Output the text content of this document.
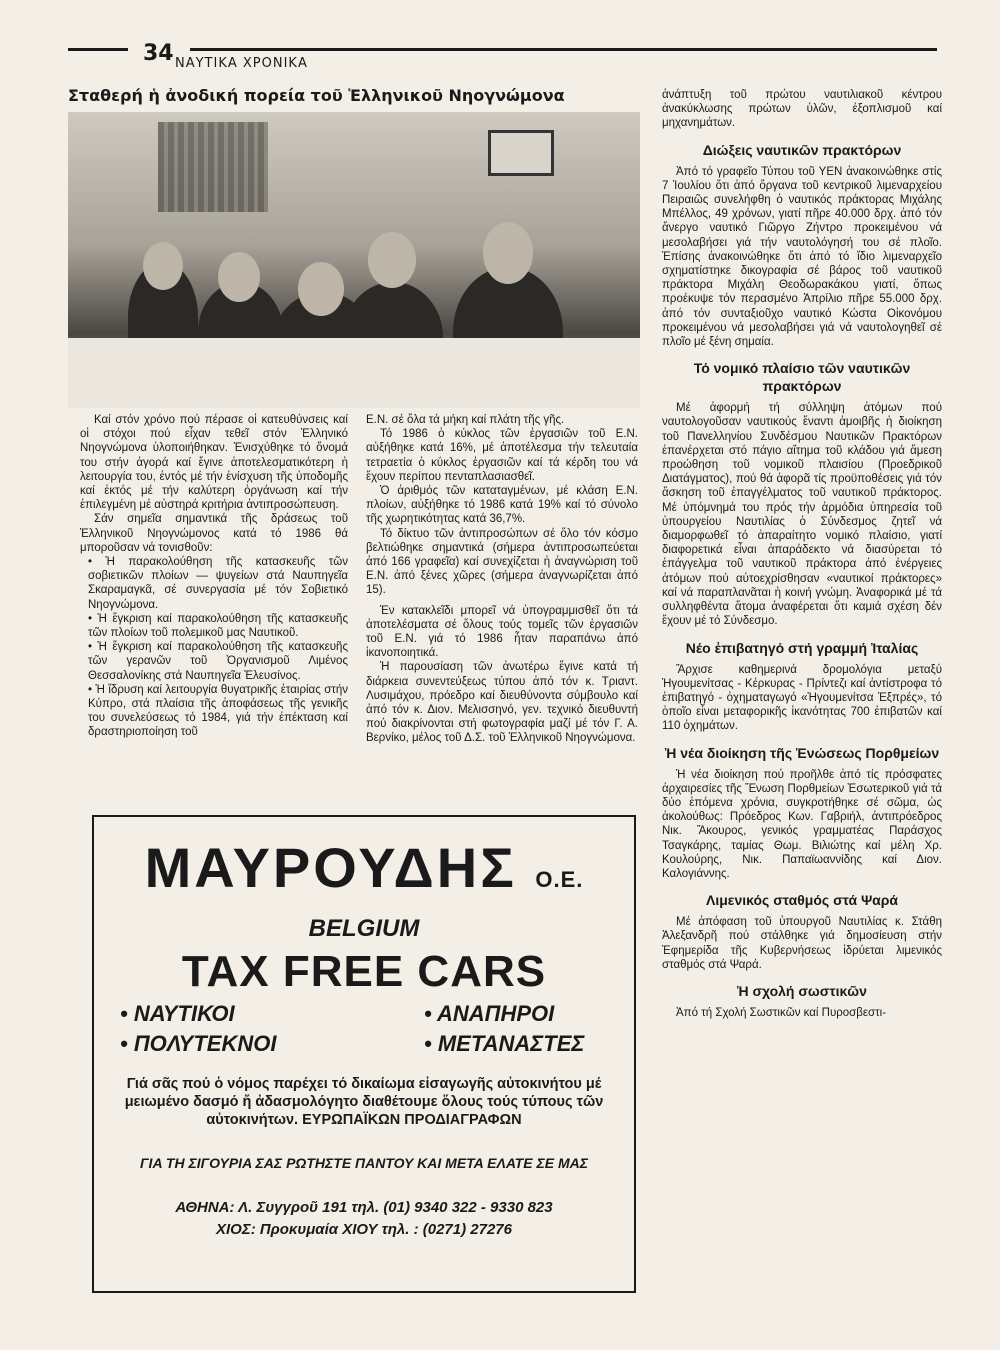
34 ΝΑΥΤΙΚΑ ΧΡΟΝΙΚΑ
Σταθερή ἡ ἀνοδική πορεία τοῦ Ἑλληνικοῦ Νηογνώμονα

Καί στόν χρόνο πού πέρασε οἱ κατευθύνσεις καί οἱ στόχοι πού εἶχαν τεθεῖ στόν Ἑλληνικό Νηογνώμονα ὑλοποιήθηκαν. Ἐνισχύθηκε τό ὄνομά του στήν ἀγορά καί ἔγινε ἀποτελεσματικότερη ἡ λειτουργία του, ἐντός μέ τήν ἐνίσχυση τῆς ὑποδομῆς καί ἐκτός μέ τήν καλύτερη ὀργάνωση καί τήν ἐπιλεγμένη μέ αὐστηρά κριτήρια ἀντιπροσώπευση.

Σάν σημεῖα σημαντικά τῆς δράσεως τοῦ Ἑλληνικοῦ Νηογνώμονος κατά τό 1986 θά μποροῦσαν νά τονισθοῦν:

• Ἡ παρακολούθηση τῆς κατασκευῆς τῶν σοβιετικῶν πλοίων — ψυγείων στά Ναυπηγεῖα Σκαραμαγκᾶ, σέ συνεργασία μέ τόν Σοβιετικό Νηογνώμονα.

• Ἡ ἔγκριση καί παρακολούθηση τῆς κατασκευῆς τῶν πλοίων τοῦ πολεμικοῦ μας Ναυτικοῦ.

• Ἡ ἔγκριση καί παρακολούθηση τῆς κατασκευῆς τῶν γερανῶν τοῦ Ὀργανισμοῦ Λιμένος Θεσσαλονίκης στά Ναυπηγεῖα Ἐλευσίνος.

• Ἡ ἵδρυση καί λειτουργία θυγατρικῆς ἑταιρίας στήν Κύπρο, στά πλαίσια τῆς ἀποφάσεως τῆς γενικῆς του συνελεύσεως τό 1984, γιά τήν ἐπέκταση καί δραστηριοποίηση τοῦ

Ε.Ν. σέ ὅλα τά μήκη καί πλάτη τῆς γῆς.

Τό 1986 ὁ κύκλος τῶν ἐργασιῶν τοῦ Ε.Ν. αὐξήθηκε κατά 16%, μέ ἀποτέλεσμα τήν τελευταία τετραετία ὁ κύκλος ἐργασιῶν καί τά κέρδη του νά ἔχουν περίπου πενταπλασιασθεῖ.

Ὁ ἀριθμός τῶν καταταγμένων, μέ κλάση Ε.Ν. πλοίων, αὐξήθηκε τό 1986 κατά 19% καί τό σύνολο τῆς χωρητικότητας κατά 36,7%.

Τό δίκτυο τῶν ἀντιπροσώπων σέ ὅλο τόν κόσμο βελτιώθηκε σημαντικά (σήμερα ἀντιπροσωπεύεται ἀπό 166 γραφεῖα) καί συνεχίζεται ἡ ἀναγνώριση τοῦ Ε.Ν. ἀπό ξένες χῶρες (σήμερα ἀναγνωρίζεται ἀπό 15).

Ἐν κατακλεῖδι μπορεῖ νά ὑπογραμμισθεῖ ὅτι τά ἀποτελέσματα σέ ὅλους τούς τομεῖς τῶν ἐργασιῶν τοῦ Ε.Ν. γιά τό 1986 ἦταν παραπάνω ἀπό ἱκανοποιητικά.

Ἡ παρουσίαση τῶν ἀνωτέρω ἔγινε κατά τή διάρκεια συνεντεύξεως τύπου ἀπό τόν κ. Τριαντ. Λυσιμάχου, πρόεδρο καί διευθύνοντα σύμβουλο καί ἀπό τόν κ. Διον. Μελισσηνό, γεν. τεχνικό διευθυντή πού διακρίνονται στή φωτογραφία μαζί μέ τόν Γ. Α. Βερνίκο, μέλος τοῦ Δ.Σ. τοῦ Ἑλληνικοῦ Νηογνώμονα.

ἀνάπτυξη τοῦ πρώτου ναυτιλιακοῦ κέντρου ἀνακύκλωσης πρώτων ὑλῶν, ἐξοπλισμοῦ καί μηχανημάτων.

Διώξεις ναυτικῶν πρακτόρων

Ἀπό τό γραφεῖο Τύπου τοῦ ΥΕΝ ἀνακοινώθηκε στίς 7 Ἰουλίου ὅτι ἀπό ὄργανα τοῦ κεντρικοῦ λιμεναρχείου Πειραιῶς συνελήφθη ὁ ναυτικός πράκτορας Μιχάλης Μπέλλος, 49 χρόνων, γιατί πῆρε 40.000 δρχ. ἀπό τόν ἄνεργο ναυτικό Γιῶργο Ζήντρο προκειμένου νά μεσολαβήσει γιά τήν ναυτολόγησή του σέ πλοῖο. Ἐπίσης ἀνακοινώθηκε ὅτι ἀπό τό ἴδιο λιμεναρχεῖο σχηματίστηκε δικογραφία σέ βάρος τοῦ ναυτικοῦ πράκτορα Μιχάλη Θεοδωρακάκου γιατί, ὅπως προέκυψε τόν περασμένο Ἀπρίλιο πῆρε 55.000 δρχ. ἀπό τόν συνταξιοῦχο ναυτικό Κώστα Οἰκονόμου προκειμένου νά μεσολαβήσει γιά νά ναυτολογηθεῖ σέ πλοῖο μέ ξένη σημαία.

Τό νομικό πλαίσιο τῶν ναυτικῶν πρακτόρων

Μέ ἀφορμή τή σύλληψη ἀτόμων πού ναυτολογοῦσαν ναυτικούς ἔναντι ἀμοιβῆς ἡ διοίκηση τοῦ Πανελληνίου Συνδέσμου Ναυτικῶν Πρακτόρων ἐπανέρχεται στό πάγιο αἴτημα τοῦ κλάδου γιά ἄμεση προώθηση τοῦ νομικοῦ πλαισίου (Προεδρικοῦ Διατάγματος), πού θά ἀφορᾶ τίς προϋποθέσεις γιά τόν ἄσκηση τοῦ ἐπαγγέλματος τοῦ ναυτικοῦ πράκτορος. Μέ ὑπόμνημά του πρός τήν ἁρμόδια ὑπηρεσία τοῦ ὑπουργείου Ναυτιλίας ὁ Σύνδεσμος ζητεῖ νά διαμορφωθεῖ τό ἀπαραίτητο νομικό πλαίσιο, γιατί διαφορετικά εἶναι ἀπαράδεκτο νά διασύρεται τό ἐπάγγελμα τοῦ ναυτικοῦ πράκτορα ἀπό ἐνέργειες ἀτόμων πού αὐτοεχρίσθησαν «ναυτικοί πράκτορες» καί νά παραπλανᾶται ἡ κοινή γνώμη. Ἀναφορικά μέ τά συλληφθέντα ἄτομα ἀναφέρεται ὅτι καμιά σχέση δέν ἔχουν μέ τό Σύνδεσμο.

Νέο ἐπιβατηγό στή γραμμή Ἰταλίας

Ἄρχισε καθημερινά δρομολόγια μεταξύ Ἡγουμενίτσας - Κέρκυρας - Πρίντεζι καί ἀντίστροφα τό ἐπιβατηγό - ὀχηματαγωγό «Ἡγουμενίτσα Ἐξπρές», τό ὁποῖο εἶναι μεταφορικῆς ἱκανότητας 700 ἐπιβατῶν καί 110 ὀχημάτων.

Ἡ νέα διοίκηση τῆς Ἑνώσεως Πορθμείων

Ἡ νέα διοίκηση πού προῆλθε ἀπό τίς πρόσφατες ἀρχαιρεσίες τῆς Ἕνωση Πορθμείων Ἐσωτερικοῦ γιά τά δύο ἑπόμενα χρόνια, συγκροτήθηκε σέ σῶμα, ὡς ἀκολούθως: Πρόεδρος Κων. Γαβριήλ, ἀντιπρόεδρος Νικ. Ἄκουρος, γενικός γραμματέας Παράσχος Τσαγκάρης, ταμίας Θωμ. Βιλιώτης καί μέλη Χρ. Κουλούρης, Νικ. Παπαϊωαννίδης καί Διον. Καλογιάννης.

Λιμενικός σταθμός στά Ψαρά

Μέ ἀπόφαση τοῦ ὑπουργοῦ Ναυτιλίας κ. Στάθη Ἀλεξανδρῆ πού στάλθηκε γιά δημοσίευση στήν Ἐφημερίδα τῆς Κυβερνήσεως ἱδρύεται λιμενικός σταθμός στά Ψαρά.

Ἡ σχολή σωστικῶν

Ἀπό τή Σχολή Σωστικῶν καί Πυροσβεστι-

ΜΑΥΡΟΥΔΗΣ Ο.Ε.
BELGIUM
TAX FREE CARS
• ΝΑΥΤΙΚΟΙ	• ΑΝΑΠΗΡΟΙ
• ΠΟΛΥΤΕΚΝΟΙ	• ΜΕΤΑΝΑΣΤΕΣ
Γιά σᾶς πού ὁ νόμος παρέχει τό δικαίωμα εἰσαγωγῆς αὐτοκινήτου μέ μειωμένο δασμό ἤ ἀδασμολόγητο διαθέτουμε ὅλους τούς τύπους τῶν αὐτοκινήτων. ΕΥΡΩΠΑΪΚΩΝ ΠΡΟΔΙΑΓΡΑΦΩΝ
ΓΙΑ ΤΗ ΣΙΓΟΥΡΙΑ ΣΑΣ ΡΩΤΗΣΤΕ ΠΑΝΤΟΥ ΚΑΙ ΜΕΤΑ ΕΛΑΤΕ ΣΕ ΜΑΣ
ΑΘΗΝΑ: Λ. Συγγροῦ 191 τηλ. (01) 9340 322 - 9330 823
ΧΙΟΣ: Προκυμαία ΧΙΟΥ τηλ. : (0271) 27276
